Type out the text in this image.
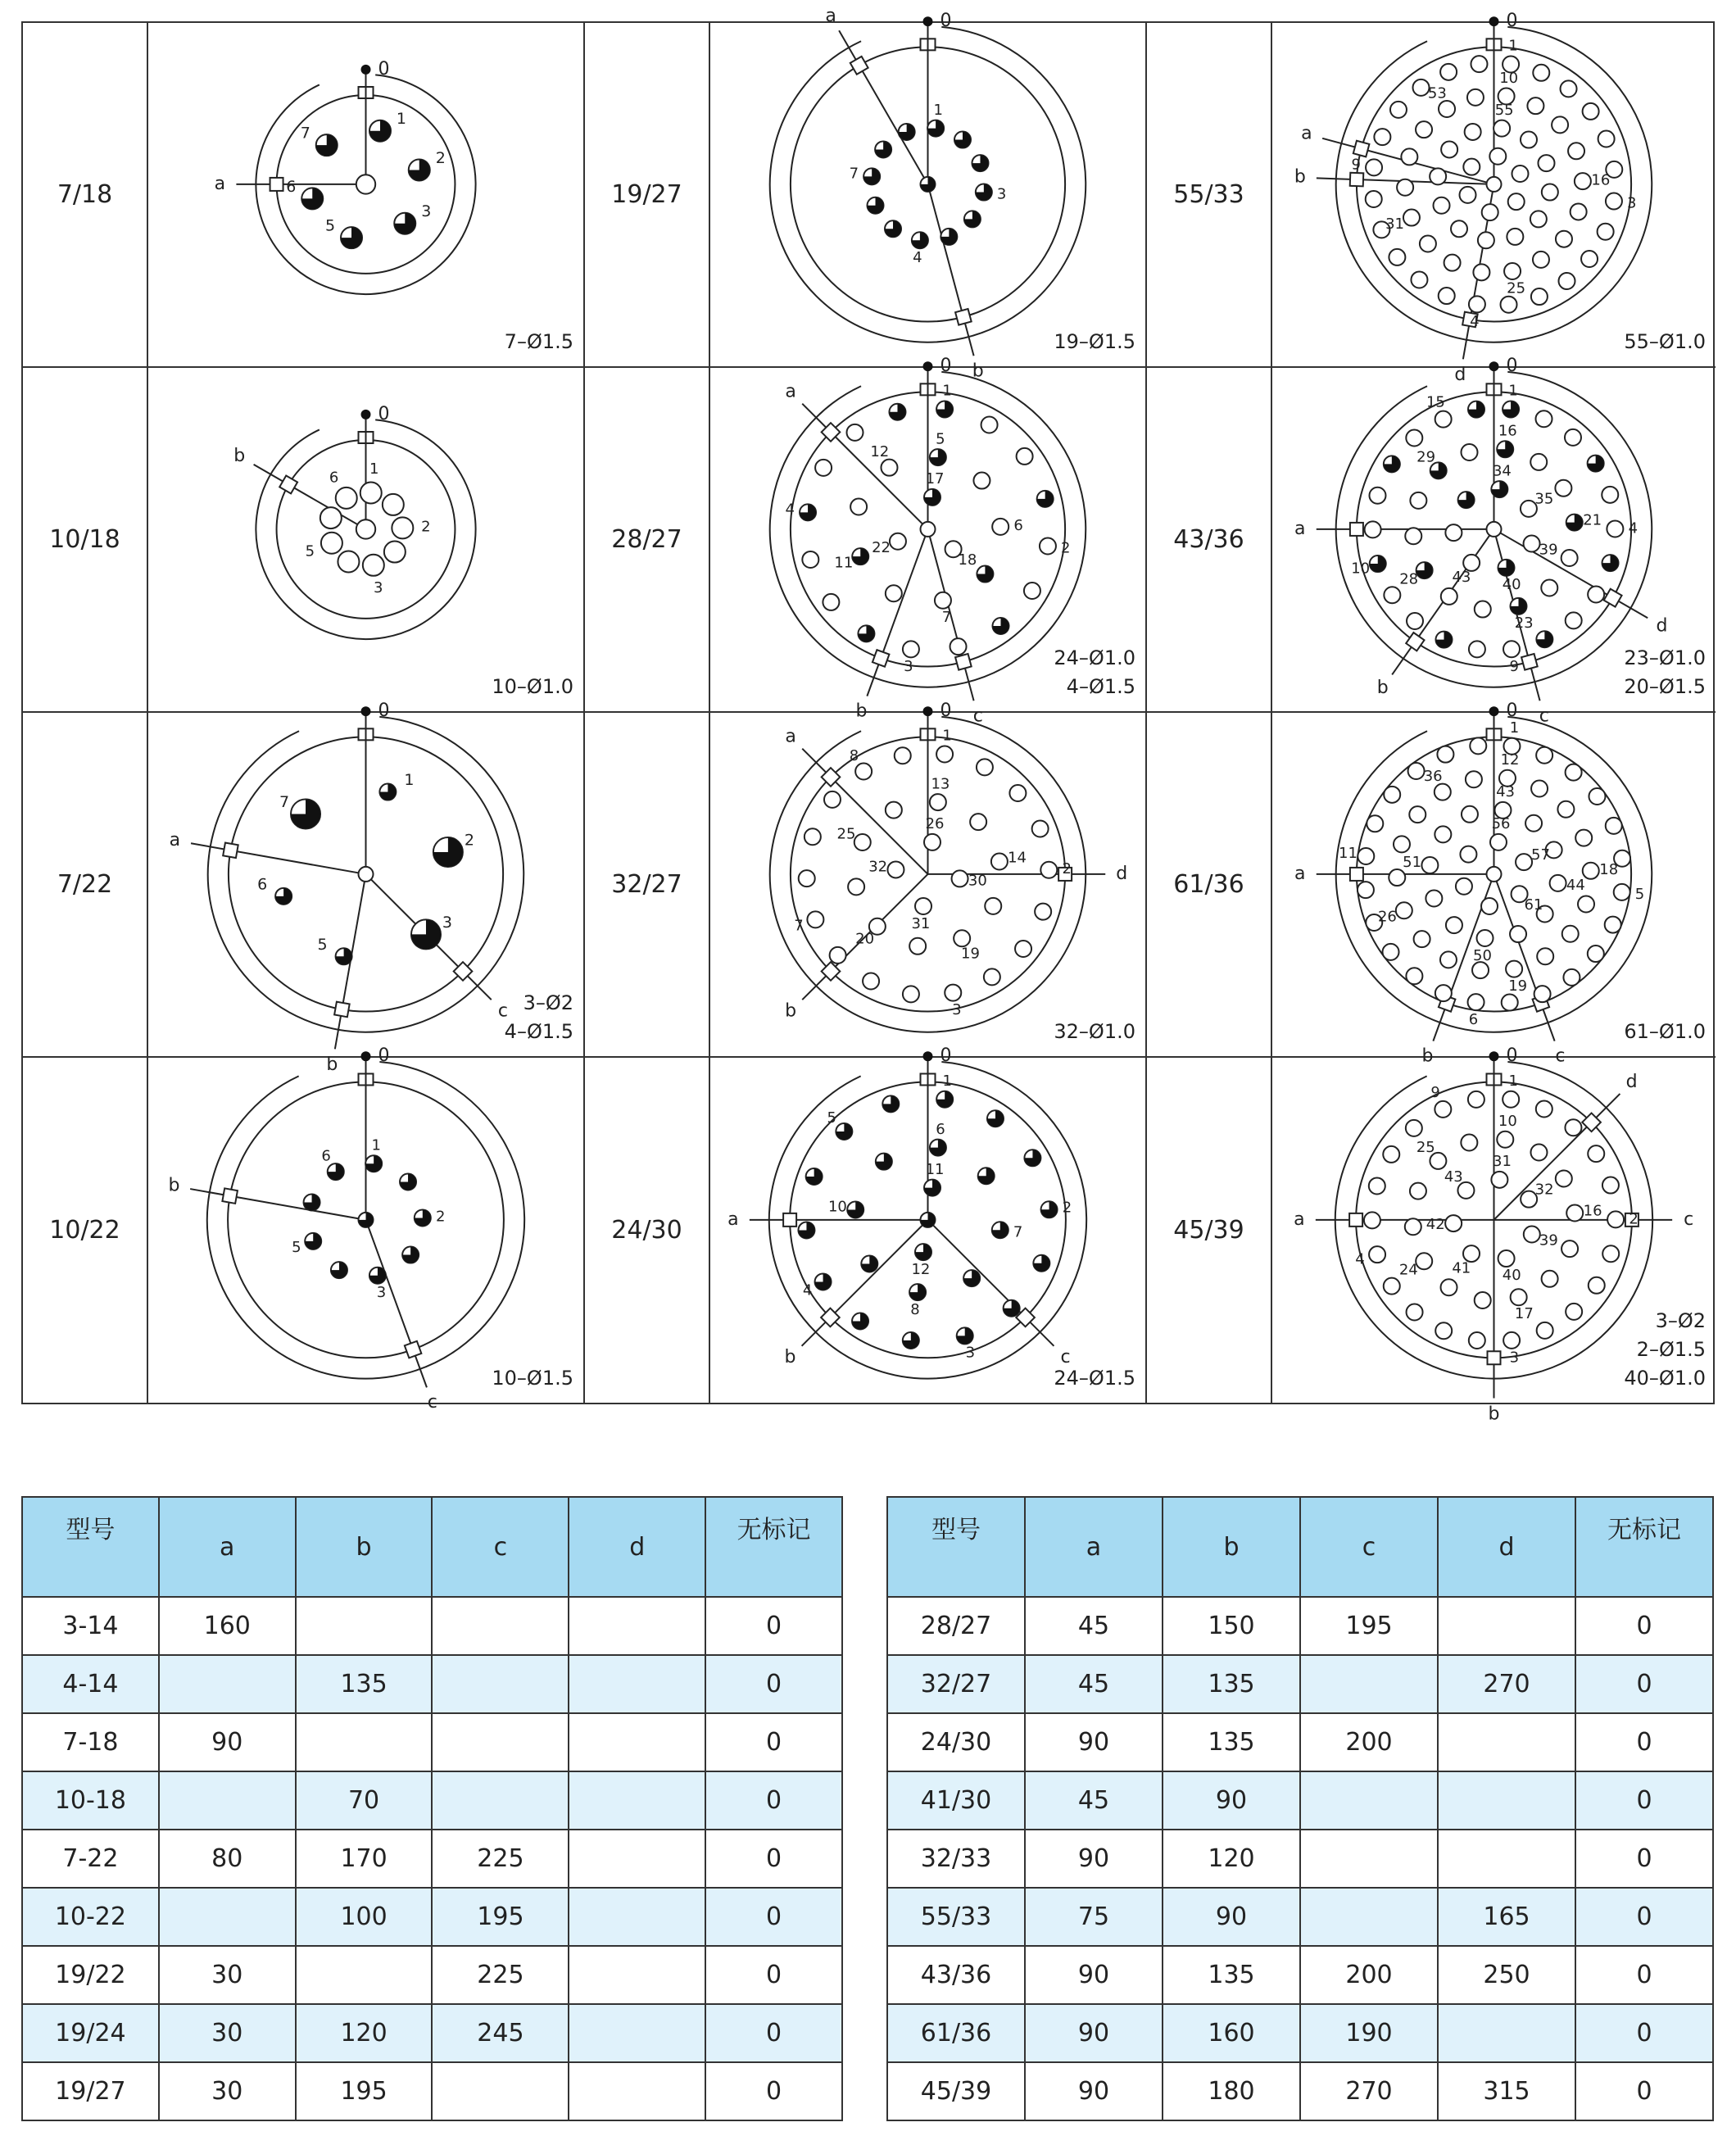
7/18
0
a
1
2
3
5
6
7
7–Ø1.5
19/27
0
a
b
1
3
4
7
19–Ø1.5
55/33
0
a
b
d
1
3
4
9
10
16
25
31
53
55
55–Ø1.0
10/18
0
b
1
2
3
5
6
10–Ø1.0
28/27
0
a
b	c
1
2
3
4
5
6
7
11
12
17
18
22
24–Ø1.0
4–Ø1.5
43/36
0
a
b
c
d
1
4
9
10
15
16
21
23
28
29
34
35
39
40
43
23–Ø1.0
20–Ø1.5
7/22
0
a
b
c
1
2
3
5
6
7
3–Ø2
4–Ø1.5
32/27
0
a
b
d
1
2
3
7
8
13
14
19
20
25
26
30
31
32
32–Ø1.0
61/36
0
a
b	c
1
5
6
11
12
18
19
26
36
43
44
50
51
56
57
61
61–Ø1.0
10/22
0
b
c
1
2
3
5
6
10–Ø1.5
24/30
0
a
b	c
1
2
3
4
5
6
7
8
10
11
12
24–Ø1.5
45/39
0
a
b
c
d
1
2
3
4
9
10
16
17
24
25
31
32
39
40
41
42
43
3–Ø2
2–Ø1.5
40–Ø1.0
型号	a	b	c	d	无标记
3-14	160				0
4-14		135			0
7-18	90				0
10-18		70			0
7-22	80	170	225		0
10-22		100	195		0
19/22	30		225		0
19/24	30	120	245		0
19/27	30	195			0
型号	a	b	c	d	无标记
28/27	45	150	195		0
32/27	45	135		270	0
24/30	90	135	200		0
41/30	45	90			0
32/33	90	120			0
55/33	75	90		165	0
43/36	90	135	200	250	0
61/36	90	160	190		0
45/39	90	180	270	315	0
